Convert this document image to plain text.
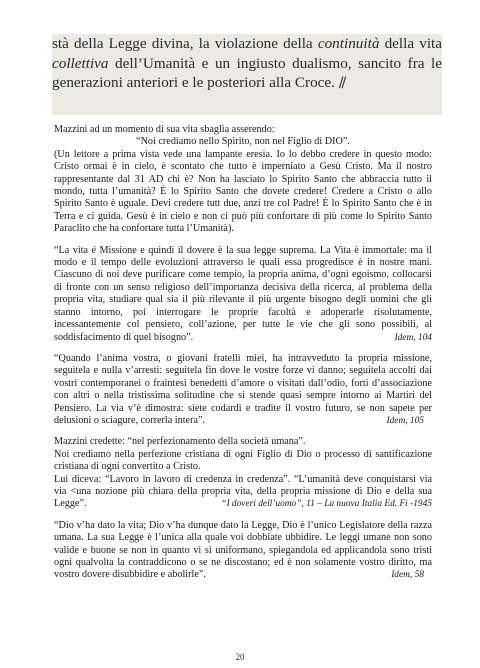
stà della Legge divina, la violazione della continuità della vita collettiva dell’Umanità e un ingiusto dualismo, sancito fra le generazioni anteriori e le posteriori alla Croce. //

Mazzini ad un momento di sua vita sbaglia asserendo:

“Noi crediamo nello Spirito, non nel Figlio di DIO”.

(Un lettore a prima vista vede una lampante eresia. Io lo debbo credere in questo modo: Cristo ormai è in cielo, è scontato che tutto è imperniato a Gesù Cristo. Ma il nostro rappresentante dal 31 AD chi è? Non ha lasciato lo Spirito Santo che abbraccia tutto il mondo, tutta l’umanità? È lo Spirito Santo che dovete credere! Credere a Cristo o allo Spirito Santo è uguale. Devi credere tutt due, anzi tre col Padre! È lo Spirito Santo che è in Terra e ci guida. Gesù è in cielo e non ci può più confortare di più come lo Spirito Santo Paraclito che ha confortare tutta l’Umanità).

“La vita é Missione e quindi il dovere è la sua legge suprema. La Vita è immortale: ma il modo e il tempo delle evoluzioni attraverso le quali essa progredisce è in nostre mani. Ciascuno di noi deve purificare come tempio, la propria anima, d’ogni egoismo, collocarsi di fronte con un senso religioso dell’importanza decisiva della ricerca, al problema della propria vita, studiare qual sia il più rilevante il più urgente bisogno degli uomini che gli stanno intorno, poi interrogare le proprie facoltà e adoperarle risolutamente, incessantemente col pensiero, coll’azione, per tutte le vie che gli sono possibili, al soddisfacimento di quel bisogno”.	Idem, 104

“Quando l’anima vostra, o giovani fratelli miei, ha intravveduto la propria missione, seguitela e nulla v’arresti: seguitela fin dove le vostre forze vi danno; seguitela accolti dai vostri contemporanei o fraintesi benedetti d’amore o visitati dall’odio, forti d’associazione con altri o nella tristissima solitudine che si stende quasi sempre intorno ai Martiri del Pensiero. La via v’è dimostra: siete codardi e tradite il vostro futuro, se non sapete per delusioni o sciagure, correrla intera”.	Idem, 105

Mazzini credette: “nel perfezionamento della società umana”.

Noi crediamo nella perfezione cristiana di ogni Figlio di Dio o processo di santificazione cristiana di ogni convertito a Cristo.

Lui diceva: “Lavoro in lavoro di credenza in credenza”. “L’umanità deve conquistarsi via via <una nozione più chiara della propria vita, della propria missione di Dio e della sua Legge”.	“I doveri dell’uomo”, 11 – La nuova Italia Ed. Fi -1945

“Dio v’ha dato la vita; Dio v’ha dunque dato la Legge, Dio è l’unico Legislatore della razza umana. La sua Legge è l’unica alla quale voi dobbiate ubbidire. Le leggi umane non sono valide e buone se non in quanto vi si uniformano, spiegandola ed applicandola sono tristi ogni qualvolta la contraddicono o se ne discostano; ed è non solamente vostro diritto, ma vostro dovere disubbidire e abolirle”.	Idem, 58

20
